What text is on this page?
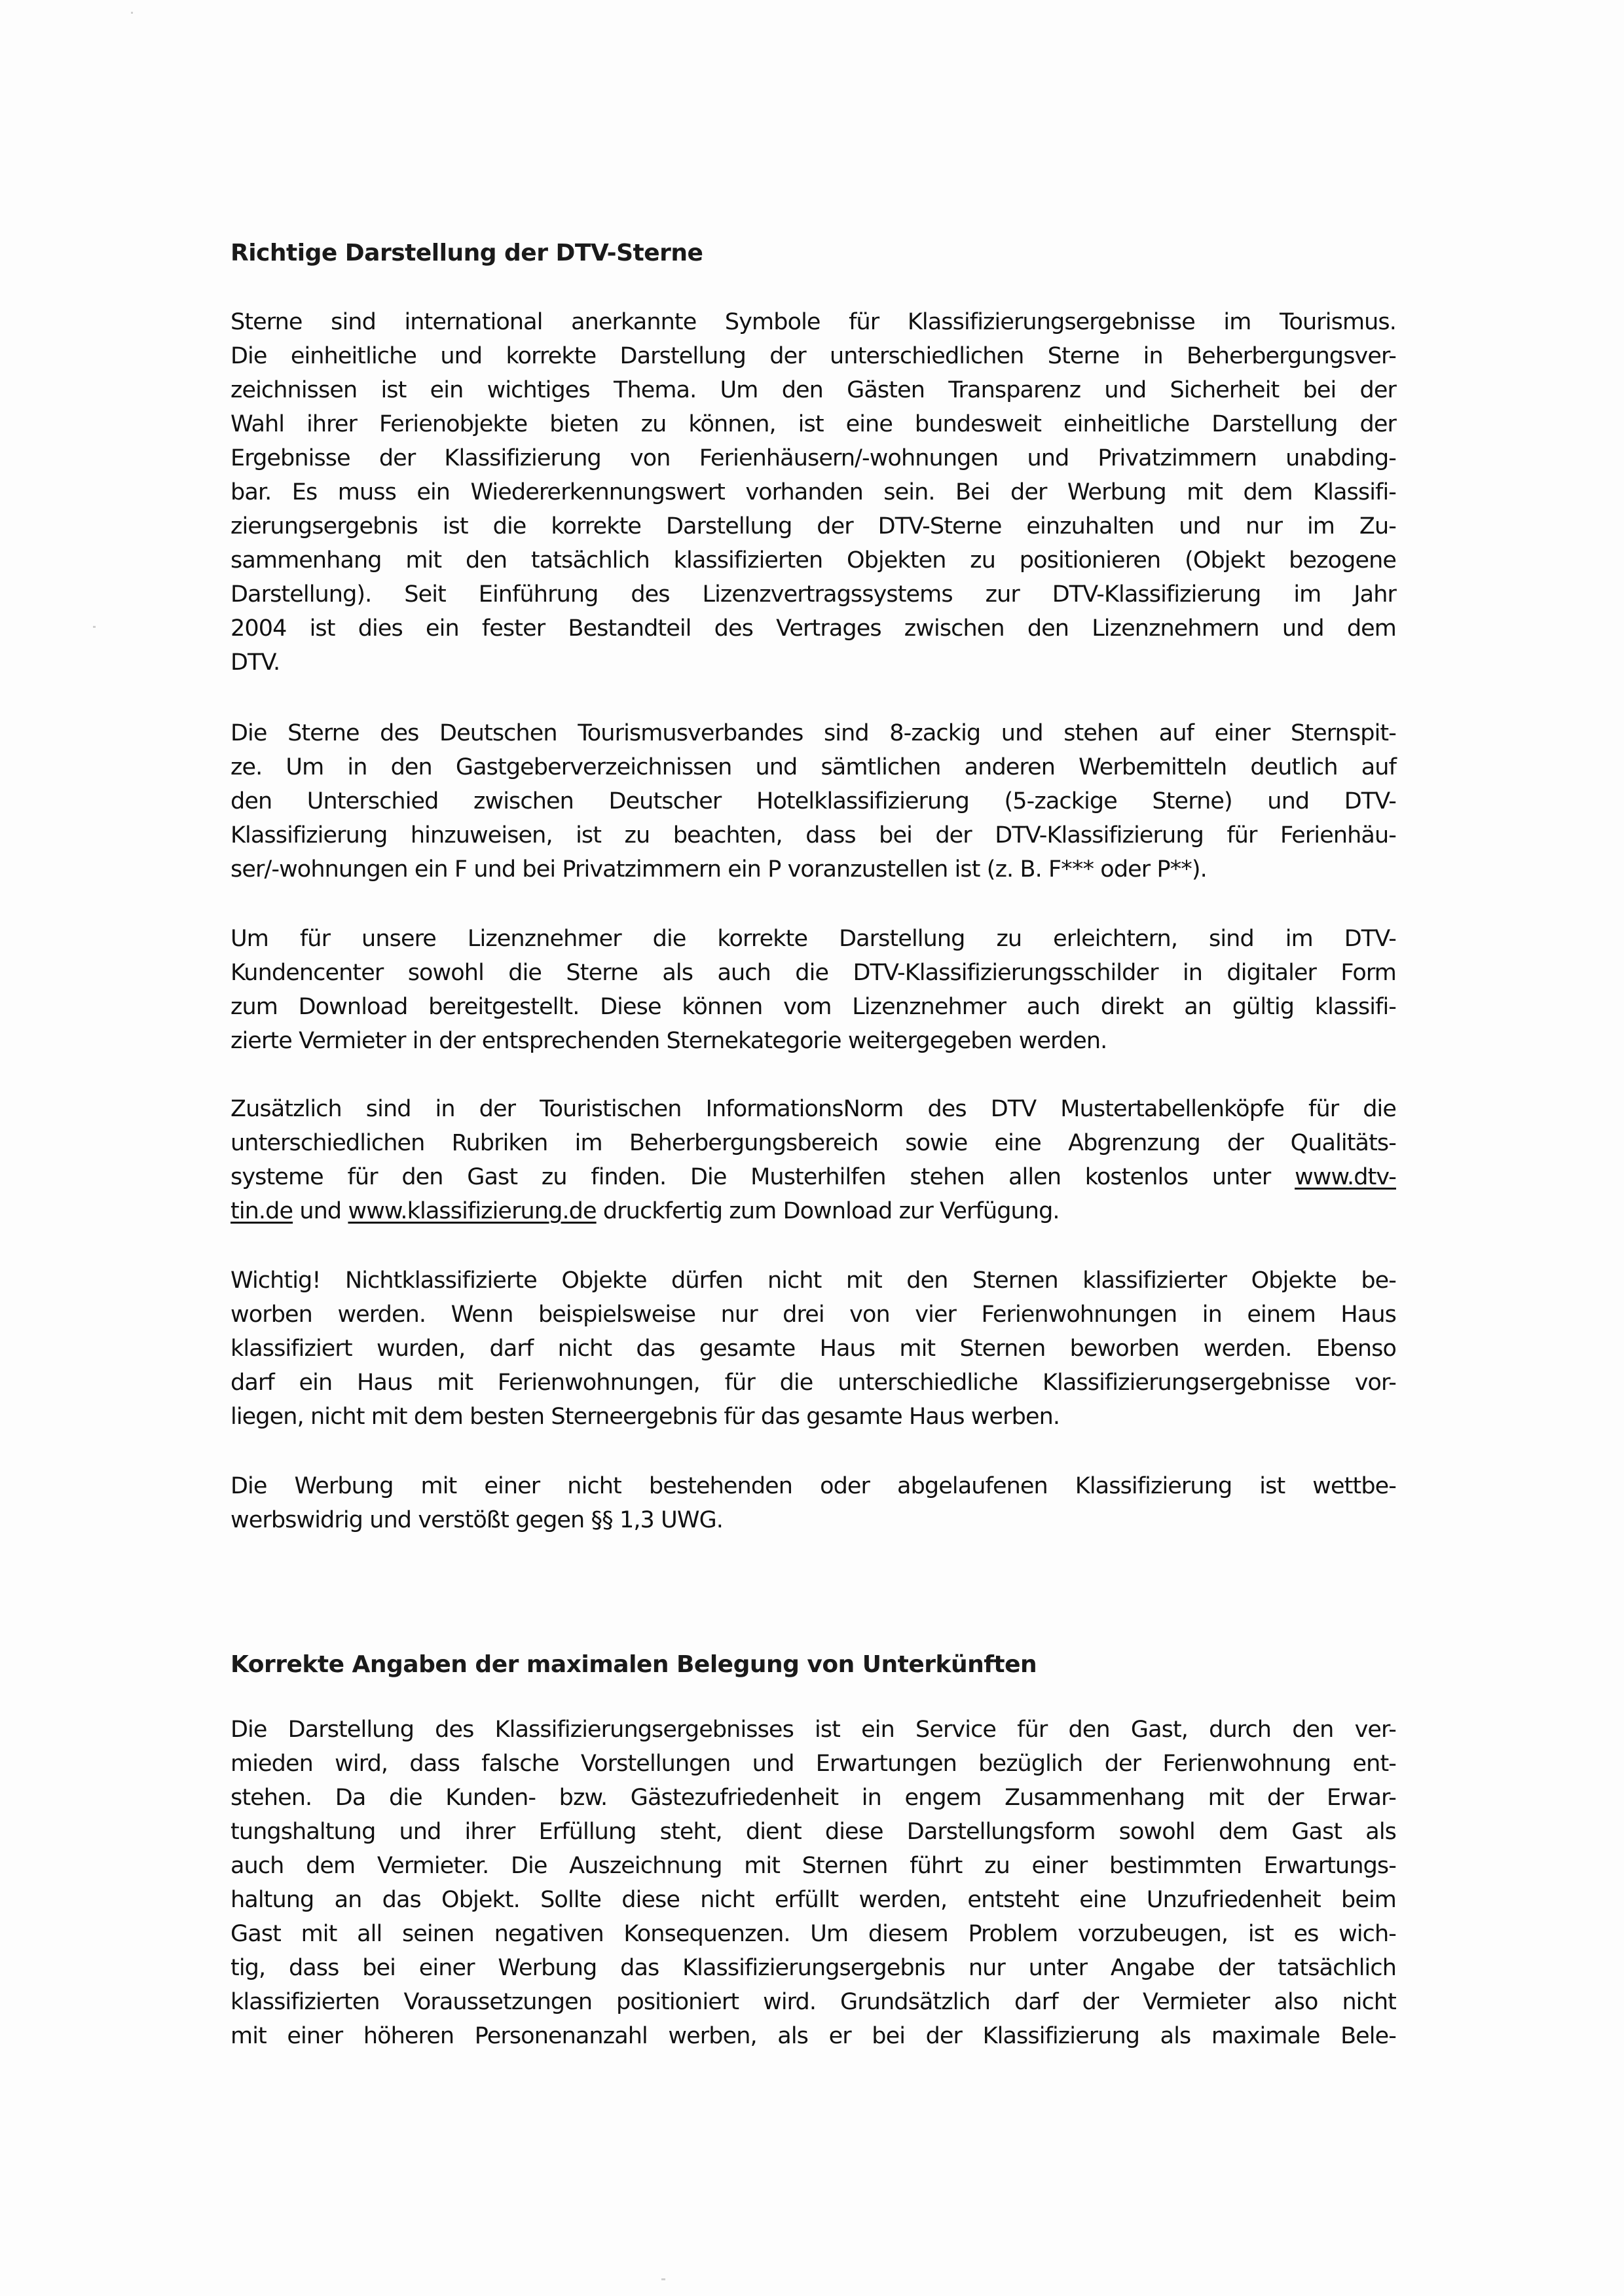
Richtige Darstellung der DTV-Sterne
Sterne sind international anerkannte Symbole für Klassifizierungsergebnisse im Tourismus.
Die einheitliche und korrekte Darstellung der unterschiedlichen Sterne in Beherbergungsver-
zeichnissen ist ein wichtiges Thema. Um den Gästen Transparenz und Sicherheit bei der
Wahl ihrer Ferienobjekte bieten zu können, ist eine bundesweit einheitliche Darstellung der
Ergebnisse der Klassifizierung von Ferienhäusern/-wohnungen und Privatzimmern unabding-
bar. Es muss ein Wiedererkennungswert vorhanden sein. Bei der Werbung mit dem Klassifi-
zierungsergebnis ist die korrekte Darstellung der DTV-Sterne einzuhalten und nur im Zu-
sammenhang mit den tatsächlich klassifizierten Objekten zu positionieren (Objekt bezogene
Darstellung). Seit Einführung des Lizenzvertragssystems zur DTV-Klassifizierung im Jahr
2004 ist dies ein fester Bestandteil des Vertrages zwischen den Lizenznehmern und dem
DTV.
Die Sterne des Deutschen Tourismusverbandes sind 8-zackig und stehen auf einer Sternspit-
ze. Um in den Gastgeberverzeichnissen und sämtlichen anderen Werbemitteln deutlich auf
den Unterschied zwischen Deutscher Hotelklassifizierung (5-zackige Sterne) und DTV-
Klassifizierung hinzuweisen, ist zu beachten, dass bei der DTV-Klassifizierung für Ferienhäu-
ser/-wohnungen ein F und bei Privatzimmern ein P voranzustellen ist (z. B. F*** oder P**).
Um für unsere Lizenznehmer die korrekte Darstellung zu erleichtern, sind im DTV-
Kundencenter sowohl die Sterne als auch die DTV-Klassifizierungsschilder in digitaler Form
zum Download bereitgestellt. Diese können vom Lizenznehmer auch direkt an gültig klassifi-
zierte Vermieter in der entsprechenden Sternekategorie weitergegeben werden.
Zusätzlich sind in der Touristischen InformationsNorm des DTV Mustertabellenköpfe für die
unterschiedlichen Rubriken im Beherbergungsbereich sowie eine Abgrenzung der Qualitäts-
systeme für den Gast zu finden. Die Musterhilfen stehen allen kostenlos unter www.dtv-
tin.de und www.klassifizierung.de druckfertig zum Download zur Verfügung.
Wichtig! Nichtklassifizierte Objekte dürfen nicht mit den Sternen klassifizierter Objekte be-
worben werden. Wenn beispielsweise nur drei von vier Ferienwohnungen in einem Haus
klassifiziert wurden, darf nicht das gesamte Haus mit Sternen beworben werden. Ebenso
darf ein Haus mit Ferienwohnungen, für die unterschiedliche Klassifizierungsergebnisse vor-
liegen, nicht mit dem besten Sterneergebnis für das gesamte Haus werben.
Die Werbung mit einer nicht bestehenden oder abgelaufenen Klassifizierung ist wettbe-
werbswidrig und verstößt gegen §§ 1,3 UWG.
Korrekte Angaben der maximalen Belegung von Unterkünften
Die Darstellung des Klassifizierungsergebnisses ist ein Service für den Gast, durch den ver-
mieden wird, dass falsche Vorstellungen und Erwartungen bezüglich der Ferienwohnung ent-
stehen. Da die Kunden- bzw. Gästezufriedenheit in engem Zusammenhang mit der Erwar-
tungshaltung und ihrer Erfüllung steht, dient diese Darstellungsform sowohl dem Gast als
auch dem Vermieter. Die Auszeichnung mit Sternen führt zu einer bestimmten Erwartungs-
haltung an das Objekt. Sollte diese nicht erfüllt werden, entsteht eine Unzufriedenheit beim
Gast mit all seinen negativen Konsequenzen. Um diesem Problem vorzubeugen, ist es wich-
tig, dass bei einer Werbung das Klassifizierungsergebnis nur unter Angabe der tatsächlich
klassifizierten Voraussetzungen positioniert wird. Grundsätzlich darf der Vermieter also nicht
mit einer höheren Personenanzahl werben, als er bei der Klassifizierung als maximale Bele-
